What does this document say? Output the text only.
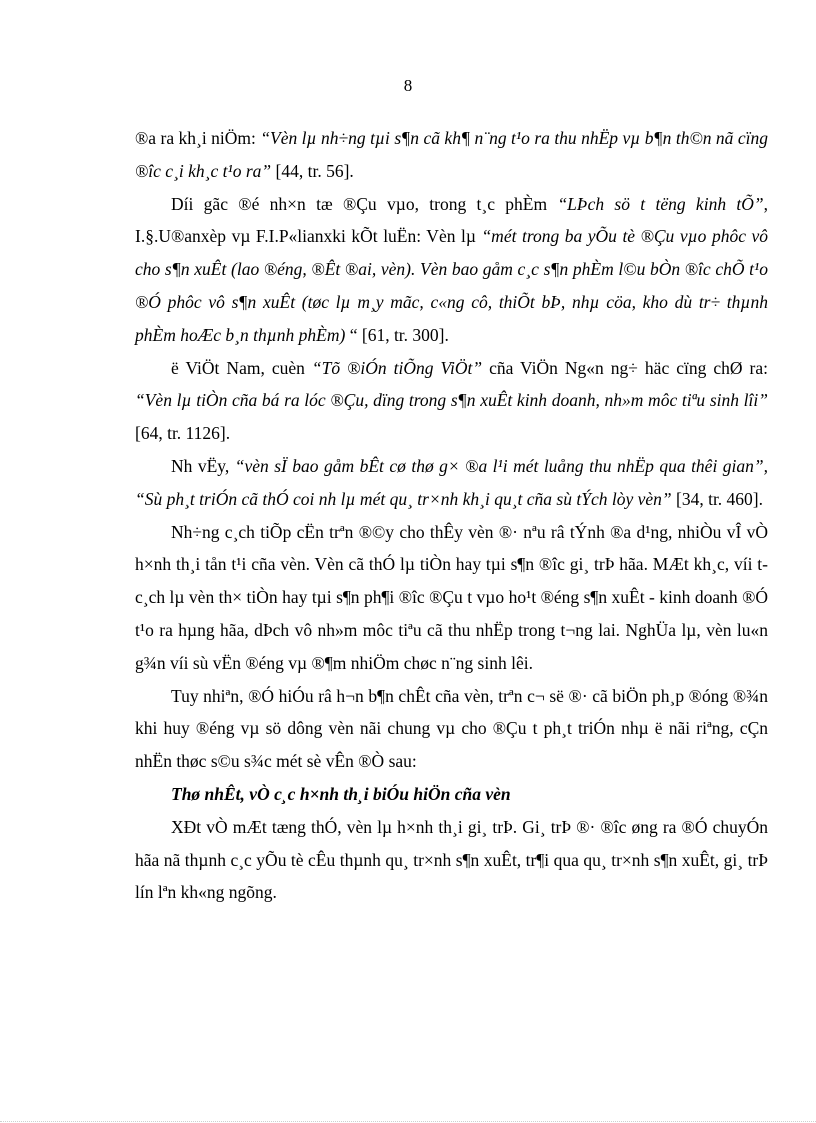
8

®a ra kh¸i niÖm: “Vèn lµ nh÷ng tµi s¶n cã kh¶ n¨ng t¹o ra thu nhËp vµ b¶n th©n nã cïng ®îc c¸i kh¸c t¹o ra” [44, tr. 56].

Díi gãc ®é nh×n tæ ®Çu vµo, trong t¸c phÈm “LÞch sö t tëng kinh tÕ”, I.§.U®anxèp vµ F.I.P«lianxki kÕt luËn: Vèn lµ “mét trong ba yÕu tè ®Çu vµo phôc vô cho s¶n xuÊt (lao ®éng, ®Êt ®ai, vèn). Vèn bao gåm c¸c s¶n phÈm l©u bÒn ®îc chÕ t¹o ®Ó phôc vô s¶n xuÊt (tøc lµ m¸y mãc, c«ng cô, thiÕt bÞ, nhµ cöa, kho dù tr÷ thµnh phÈm hoÆc b¸n thµnh phÈm) “ [61, tr. 300].

ë ViÖt Nam, cuèn “Tõ ®iÓn tiÕng ViÖt” cña ViÖn Ng«n ng÷ häc cïng chØ ra: “Vèn lµ tiÒn cña bá ra lóc ®Çu, dïng trong s¶n xuÊt kinh doanh, nh»m môc tiªu sinh lîi” [64, tr. 1126].

Nh vËy, “vèn sÏ bao gåm bÊt cø thø g× ®a l¹i mét luång thu nhËp qua thêi gian”, “Sù ph¸t triÓn cã thÓ coi nh lµ mét qu¸ tr×nh kh¸i qu¸t cña sù tÝch lòy vèn” [34, tr. 460].

Nh÷ng c¸ch tiÕp cËn trªn ®©y cho thÊy vèn ®· nªu râ tÝnh ®a d¹ng, nhiÒu vÎ vÒ h×nh th¸i tån t¹i cña vèn. Vèn cã thÓ lµ tiÒn hay tµi s¶n ®îc gi¸ trÞ hãa. MÆt kh¸c, víi t c¸ch lµ vèn th× tiÒn hay tµi s¶n ph¶i ®îc ®Çu t vµo ho¹t ®éng s¶n xuÊt - kinh doanh ®Ó t¹o ra hµng hãa, dÞch vô nh»m môc tiªu cã thu nhËp trong t¬ng lai. NghÜa lµ, vèn lu«n g¾n víi sù vËn ®éng vµ ®¶m nhiÖm chøc n¨ng sinh lêi.

Tuy nhiªn, ®Ó hiÓu râ h¬n b¶n chÊt cña vèn, trªn c¬ së ®· cã biÖn ph¸p ®óng ®¾n khi huy ®éng vµ sö dông vèn nãi chung vµ cho ®Çu t ph¸t triÓn nhµ ë nãi riªng, cÇn nhËn thøc s©u s¾c mét sè vÊn ®Ò sau:

Thø nhÊt, vÒ c¸c h×nh th¸i biÓu hiÖn cña vèn

XÐt vÒ mÆt tæng thÓ, vèn lµ h×nh th¸i gi¸ trÞ. Gi¸ trÞ ®· ®îc øng ra ®Ó chuyÓn hãa nã thµnh c¸c yÕu tè cÊu thµnh qu¸ tr×nh s¶n xuÊt, tr¶i qua qu¸ tr×nh s¶n xuÊt, gi¸ trÞ lín lªn kh«ng ngõng.
